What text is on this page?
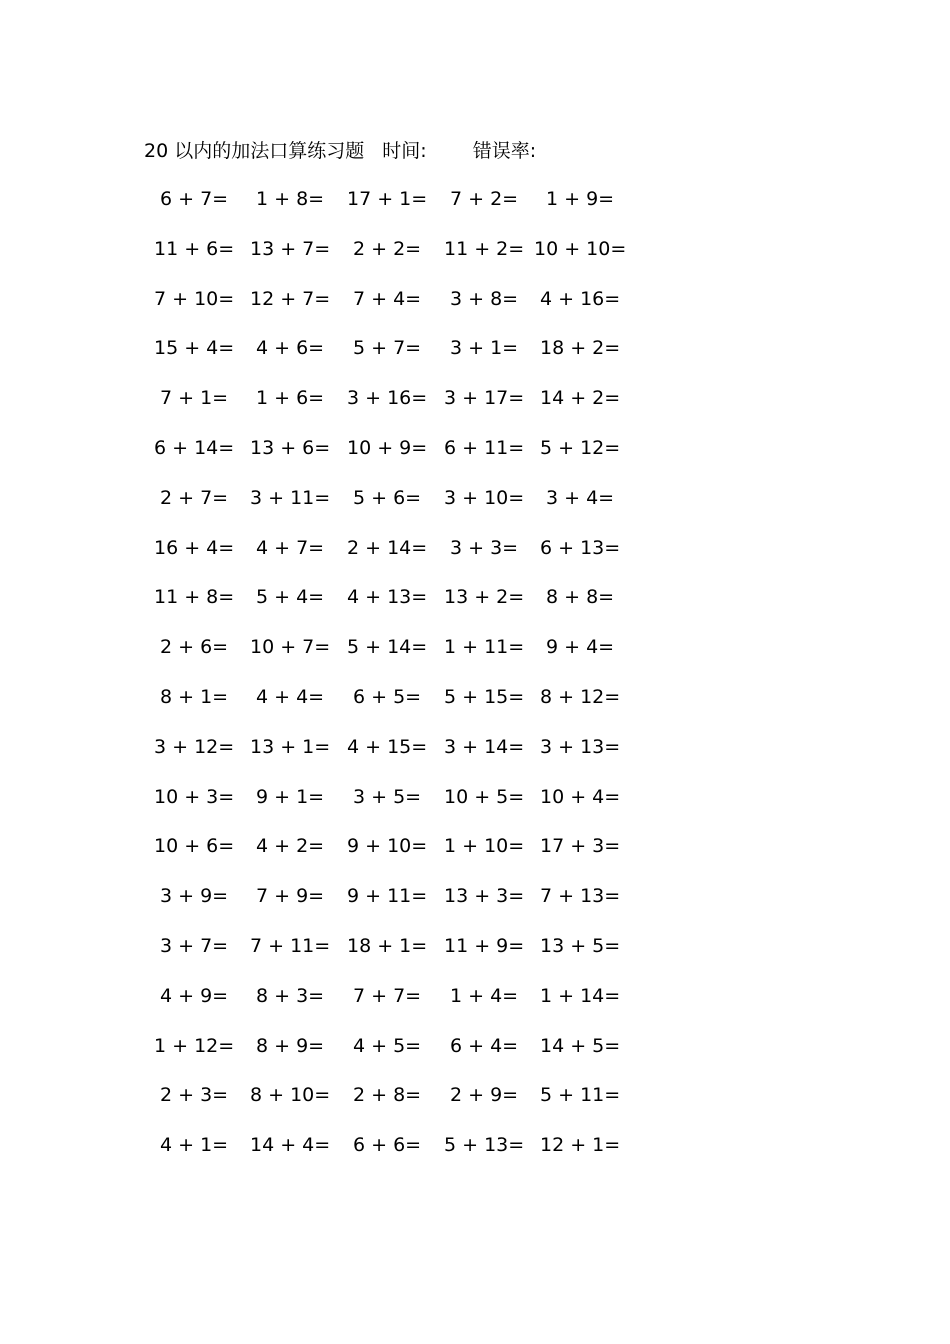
20 以内的加法口算练习题 时间: 错误率:
6 + 7= 1 + 8= 17 + 1= 7 + 2= 1 + 9=
11 + 6= 13 + 7= 2 + 2= 11 + 2= 10 + 10=
7 + 10= 12 + 7= 7 + 4= 3 + 8= 4 + 16=
15 + 4= 4 + 6= 5 + 7= 3 + 1= 18 + 2=
7 + 1= 1 + 6= 3 + 16= 3 + 17= 14 + 2=
6 + 14= 13 + 6= 10 + 9= 6 + 11= 5 + 12=
2 + 7= 3 + 11= 5 + 6= 3 + 10= 3 + 4=
16 + 4= 4 + 7= 2 + 14= 3 + 3= 6 + 13=
11 + 8= 5 + 4= 4 + 13= 13 + 2= 8 + 8=
2 + 6= 10 + 7= 5 + 14= 1 + 11= 9 + 4=
8 + 1= 4 + 4= 6 + 5= 5 + 15= 8 + 12=
3 + 12= 13 + 1= 4 + 15= 3 + 14= 3 + 13=
10 + 3= 9 + 1= 3 + 5= 10 + 5= 10 + 4=
10 + 6= 4 + 2= 9 + 10= 1 + 10= 17 + 3=
3 + 9= 7 + 9= 9 + 11= 13 + 3= 7 + 13=
3 + 7= 7 + 11= 18 + 1= 11 + 9= 13 + 5=
4 + 9= 8 + 3= 7 + 7= 1 + 4= 1 + 14=
1 + 12= 8 + 9= 4 + 5= 6 + 4= 14 + 5=
2 + 3= 8 + 10= 2 + 8= 2 + 9= 5 + 11=
4 + 1= 14 + 4= 6 + 6= 5 + 13= 12 + 1=
